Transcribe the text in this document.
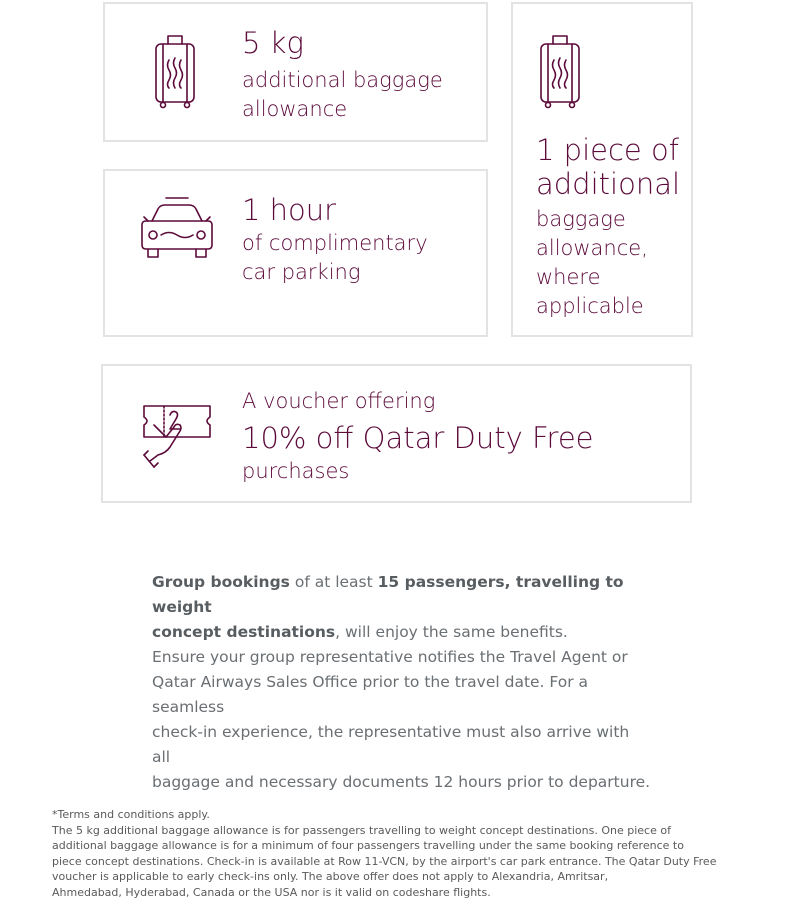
5 kg
additional baggage
allowance
1 hour
of complimentary
car parking
1 piece of
additional
baggage
allowance,
where
applicable
A voucher offering
10% off Qatar Duty Free
purchases
Group bookings of at least 15 passengers, travelling to weight
concept destinations, will enjoy the same benefits.
Ensure your group representative notifies the Travel Agent or
Qatar Airways Sales Office prior to the travel date. For a seamless
check-in experience, the representative must also arrive with all
baggage and necessary documents 12 hours prior to departure.
*Terms and conditions apply.
The 5 kg additional baggage allowance is for passengers travelling to weight concept destinations. One piece of
additional baggage allowance is for a minimum of four passengers travelling under the same booking reference to
piece concept destinations. Check-in is available at Row 11-VCN, by the airport's car park entrance. The Qatar Duty Free
voucher is applicable to early check-ins only. The above offer does not apply to Alexandria, Amritsar,
Ahmedabad, Hyderabad, Canada or the USA nor is it valid on codeshare flights.
